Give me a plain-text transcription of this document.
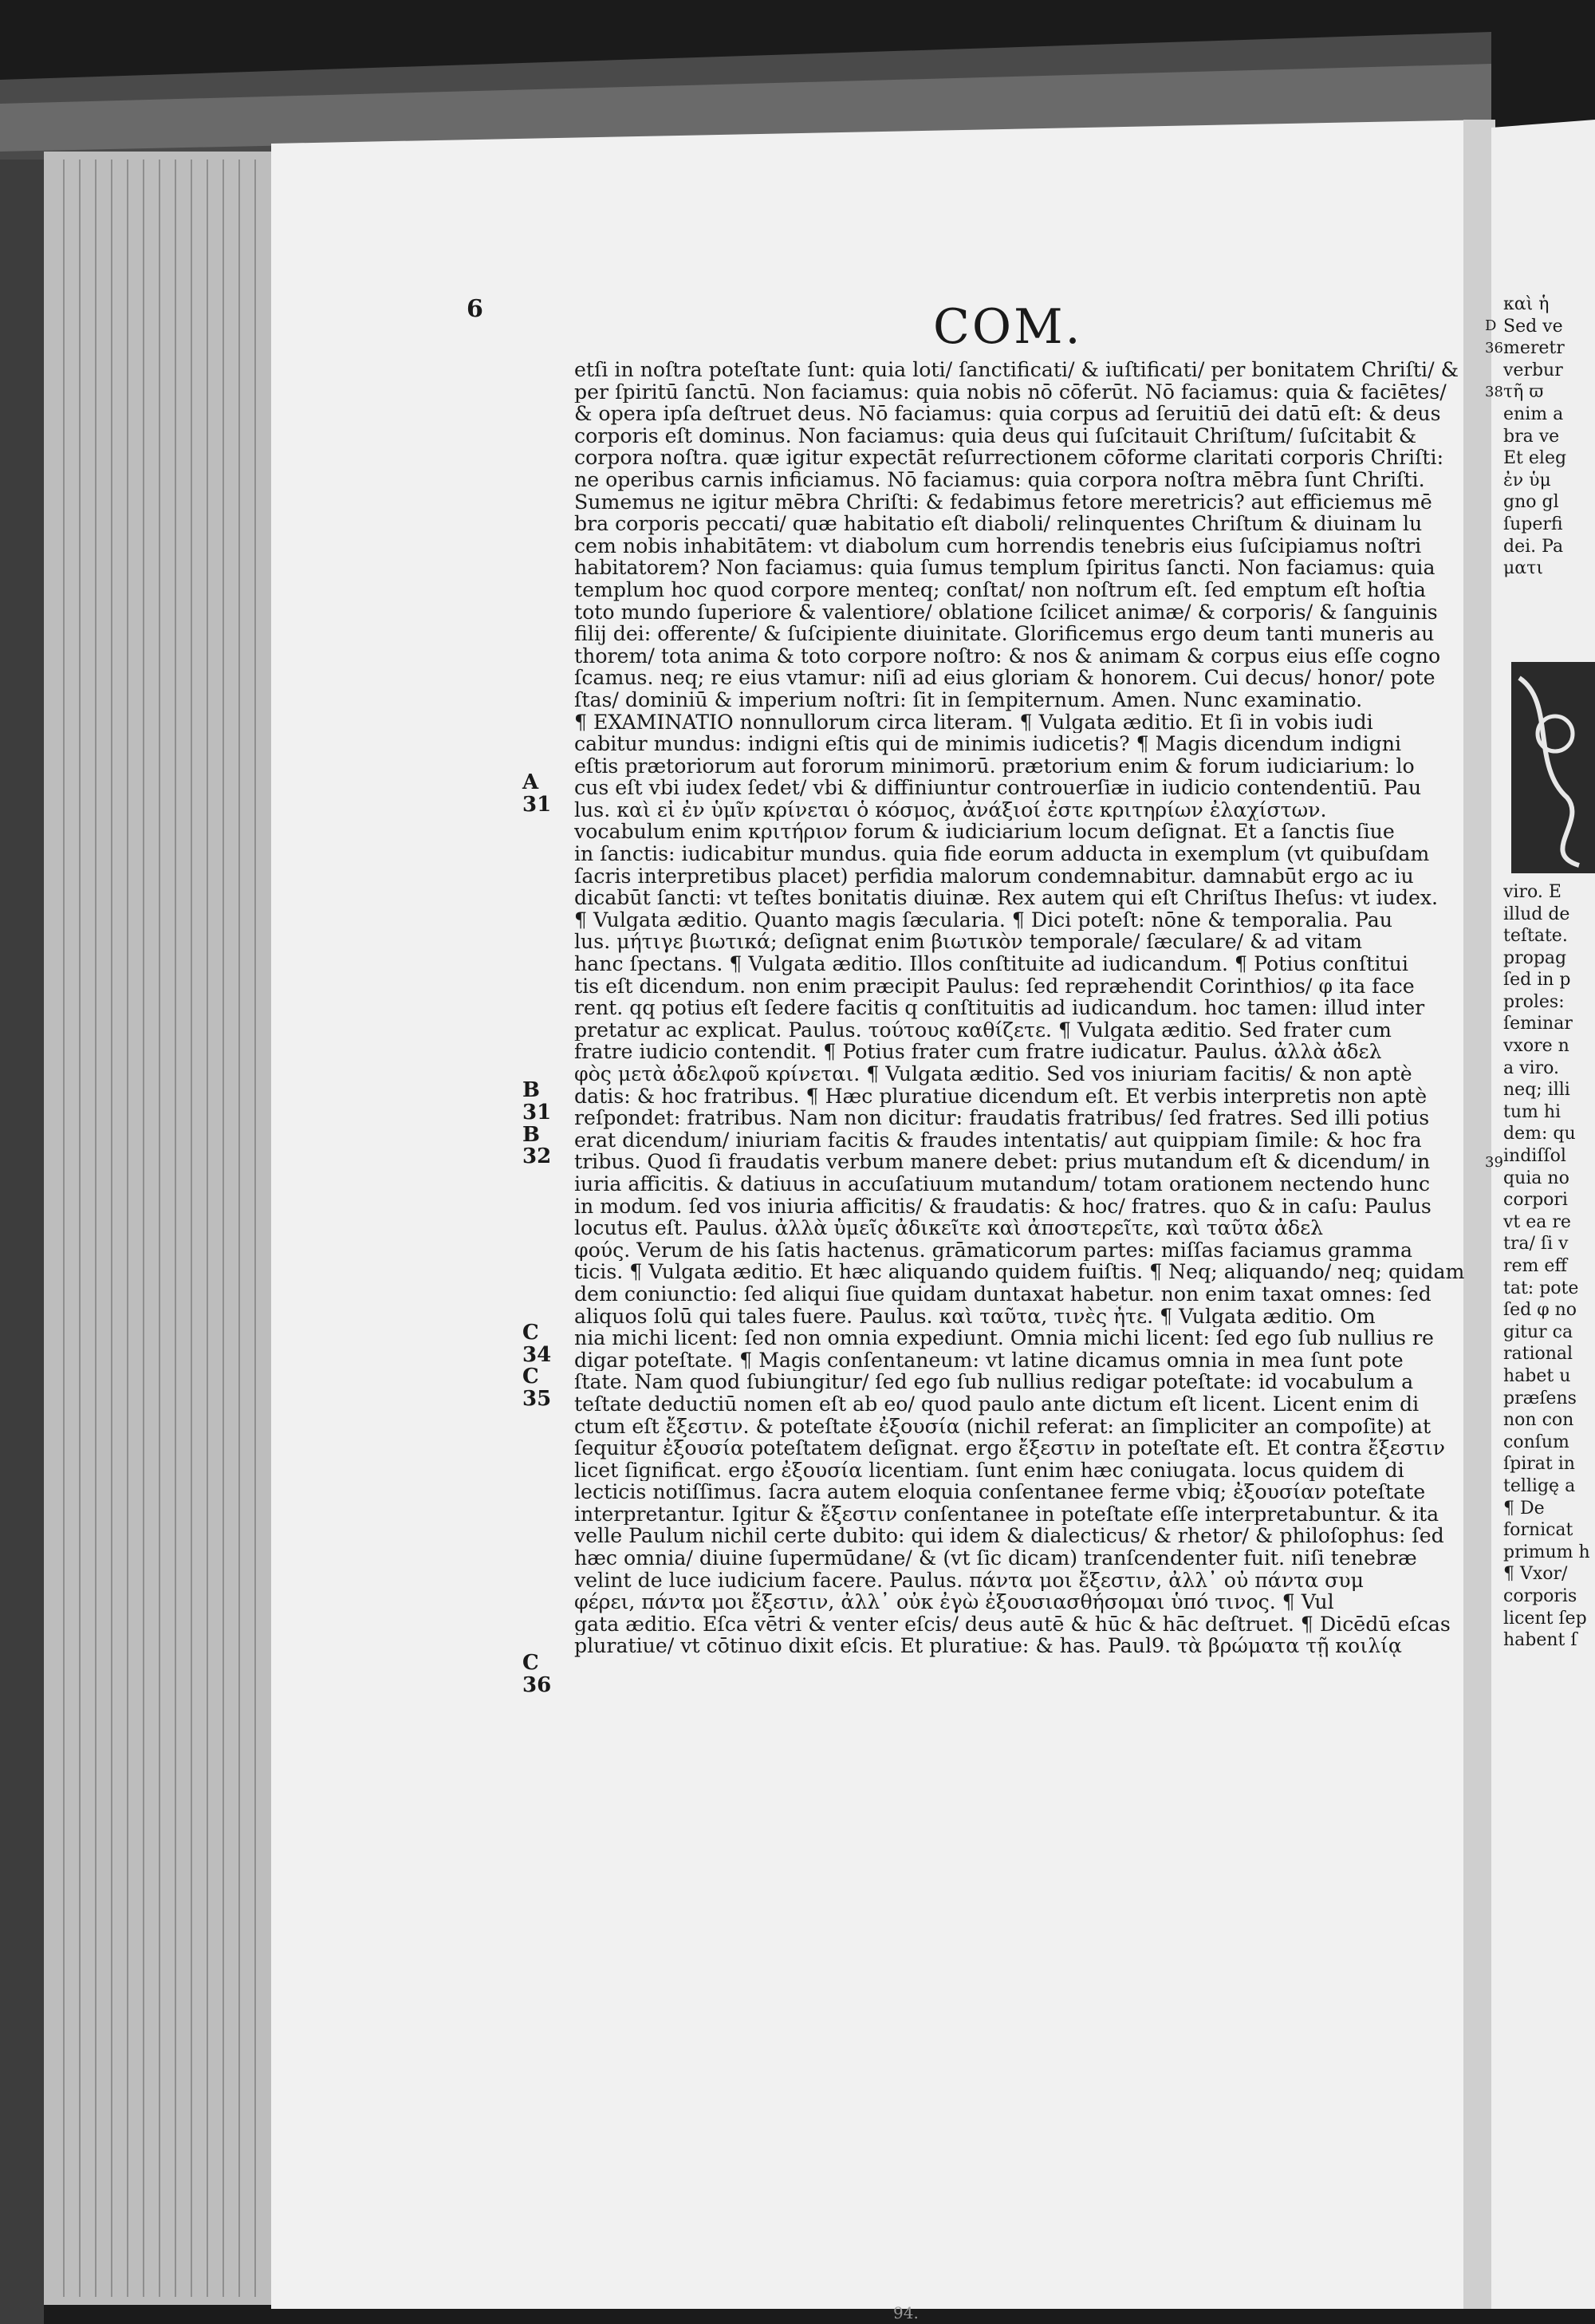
6	COM.
A
31
B
31
B
32
C
34
C
35
C
36
etſi in noſtra poteſtate ſunt: quia loti/ ſanctificati/ & iuſtificati/ per bonitatem Chriſti/ &
per ſpiritū ſanctū. Non faciamus: quia nobis nō cōferūt. Nō faciamus: quia & faciētes/
& opera ipſa deſtruet deus. Nō faciamus: quia corpus ad ſeruitiū dei datū eſt: & deus
corporis eſt dominus. Non faciamus: quia deus qui ſuſcitauit Chriſtum/ ſuſcitabit &
corpora noſtra. quæ igitur expectāt reſurrectionem cōforme claritati corporis Chriſti:
ne operibus carnis inficiamus. Nō faciamus: quia corpora noſtra mēbra ſunt Chriſti.
Sumemus ne igitur mēbra Chriſti: & fedabimus fetore meretricis? aut efficiemus mē
bra corporis peccati/ quæ habitatio eſt diaboli/ relinquentes Chriſtum & diuinam lu
cem nobis inhabitātem: vt diabolum cum horrendis tenebris eius ſuſcipiamus noſtri
habitatorem? Non faciamus: quia ſumus templum ſpiritus ſancti. Non faciamus: quia
templum hoc quod corpore menteq; conſtat/ non noſtrum eſt. ſed emptum eſt hoſtia
toto mundo ſuperiore & valentiore/ oblatione ſcilicet animæ/ & corporis/ & ſanguinis
filij dei: offerente/ & ſuſcipiente diuinitate. Glorificemus ergo deum tanti muneris au
thorem/ tota anima & toto corpore noſtro: & nos & animam & corpus eius eſſe cogno
ſcamus. neq; re eius vtamur: niſi ad eius gloriam & honorem. Cui decus/ honor/ pote
ſtas/ dominiū & imperium noſtri: ſit in ſempiternum. Amen. Nunc examinatio.
¶ EXAMINATIO nonnullorum circa literam. ¶ Vulgata æditio. Et ſi in vobis iudi
cabitur mundus: indigni eſtis qui de minimis iudicetis? ¶ Magis dicendum indigni
eſtis prætoriorum aut fororum minimorū. prætorium enim & forum iudiciarium: lo
cus eſt vbi iudex ſedet/ vbi & diffiniuntur controuerſiæ in iudicio contendentiū. Pau
lus. καὶ εἰ ἐν ὑμῖν κρίνεται ὁ κόσμος, ἀνάξιοί ἐστε κριτηρίων ἐλαχίστων.
vocabulum enim κριτήριον forum & iudiciarium locum deſignat. Et a ſanctis ſiue
in ſanctis: iudicabitur mundus. quia fide eorum adducta in exemplum (vt quibuſdam
ſacris interpretibus placet) perfidia malorum condemnabitur. damnabūt ergo ac iu
dicabūt ſancti: vt teſtes bonitatis diuinæ. Rex autem qui eſt Chriſtus Iheſus: vt iudex.
¶ Vulgata æditio. Quanto magis ſæcularia. ¶ Dici poteſt: nōne & temporalia. Pau
lus. μήτιγε βιωτικά; deſignat enim βιωτικὸν temporale/ ſæculare/ & ad vitam
hanc ſpectans. ¶ Vulgata æditio. Illos conſtituite ad iudicandum. ¶ Potius conſtitui
tis eſt dicendum. non enim præcipit Paulus: ſed repræhendit Corinthios/ φ ita face
rent. qq potius eſt ſedere facitis q conſtituitis ad iudicandum. hoc tamen: illud inter
pretatur ac explicat. Paulus. τούτους καθίζετε. ¶ Vulgata æditio. Sed frater cum
fratre iudicio contendit. ¶ Potius frater cum fratre iudicatur. Paulus. ἀλλὰ ἀδελ
φὸς μετὰ ἀδελφοῦ κρίνεται. ¶ Vulgata æditio. Sed vos iniuriam facitis/ & non aptè
datis: & hoc fratribus. ¶ Hæc pluratiue dicendum eſt. Et verbis interpretis non aptè
reſpondet: fratribus. Nam non dicitur: fraudatis fratribus/ ſed fratres. Sed illi potius
erat dicendum/ iniuriam facitis & fraudes intentatis/ aut quippiam ſimile: & hoc fra
tribus. Quod ſi fraudatis verbum manere debet: prius mutandum eſt & dicendum/ in
iuria afficitis. & datiuus in accuſatiuum mutandum/ totam orationem nectendo hunc
in modum. ſed vos iniuria afficitis/ & fraudatis: & hoc/ fratres. quo & in caſu: Paulus
locutus eſt. Paulus. ἀλλὰ ὑμεῖς ἀδικεῖτε καὶ ἀποστερεῖτε, καὶ ταῦτα ἀδελ
φούς. Verum de his ſatis hactenus. grāmaticorum partes: miſſas faciamus gramma
ticis. ¶ Vulgata æditio. Et hæc aliquando quidem fuiſtis. ¶ Neq; aliquando/ neq; quidam
dem coniunctio: ſed aliqui ſiue quidam duntaxat habetur. non enim taxat omnes: ſed
aliquos ſolū qui tales fuere. Paulus. καὶ ταῦτα, τινὲς ἦτε. ¶ Vulgata æditio. Om
nia michi licent: ſed non omnia expediunt. Omnia michi licent: ſed ego ſub nullius re
digar poteſtate. ¶ Magis conſentaneum: vt latine dicamus omnia in mea ſunt pote
ſtate. Nam quod ſubiungitur/ ſed ego ſub nullius redigar poteſtate: id vocabulum a
teſtate deductiū nomen eſt ab eo/ quod paulo ante dictum eſt licent. Licent enim di
ctum eſt ἔξεστιν. & poteſtate ἐξουσία (nichil referat: an ſimpliciter an compoſite) at
ſequitur ἐξουσία poteſtatem deſignat. ergo ἔξεστιν in poteſtate eſt. Et contra ἔξεστιν
licet ſignificat. ergo ἐξουσία licentiam. ſunt enim hæc coniugata. locus quidem di
lecticis notiſſimus. ſacra autem eloquia conſentanee ferme vbiq; ἐξουσίαν poteſtate
interpretantur. Igitur & ἔξεστιν conſentanee in poteſtate eſſe interpretabuntur. & ita
velle Paulum nichil certe dubito: qui idem & dialecticus/ & rhetor/ & philoſophus: ſed
hæc omnia/ diuine ſupermūdane/ & (vt ſic dicam) tranſcendenter fuit. niſi tenebræ
velint de luce iudicium facere. Paulus. πάντα μοι ἔξεστιν, ἀλλ᾽ οὐ πάντα συμ
φέρει, πάντα μοι ἔξεστιν, ἀλλ᾽ οὐκ ἐγὼ ἐξουσιασθήσομαι ὑπό τινος. ¶ Vul
gata æditio. Eſca vētri & venter eſcis/ deus autē & hūc & hāc deſtruet. ¶ Dicēdū eſcas
pluratiue/ vt cōtinuo dixit eſcis. Et pluratiue: & has. Paul9. τὰ βρώματα τῇ κοιλίᾳ
D
36
38
39
καὶ ἡ
Sed ve
meretr
verbur
τῆ ϖ
enim a
bra ve
Et eleg
ἐν ὑμ
gno gl
ſuperfi
dei. Pa
ματι
viro. E
illud de
teſtate.
propag
ſed in p
proles:
ſeminar
vxore n
a viro.
neq; illi
tum hi
dem: qu
indiſſol
quia no
corpori
vt ea re
tra/ ſi v
rem eff
tat: pote
ſed φ no
gitur ca
rational
habet u
præſens
non con
conſum
ſpirat in
telligę a
¶ De
fornicat
primum h
¶ Vxor/
corporis
licent ſep
habent ſ
94.
